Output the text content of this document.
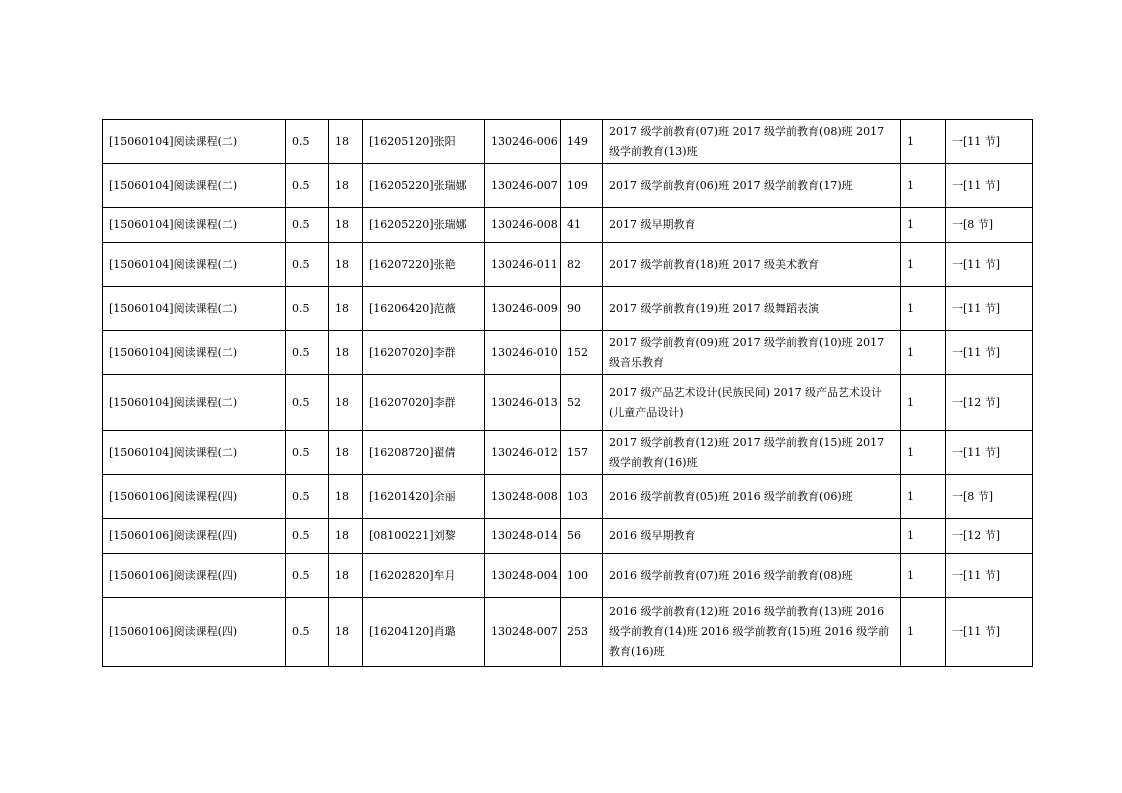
[15060104]阅读课程(二)	0.5	18	[16205120]张阳	130246-006	149	2017 级学前教育(07)班 2017 级学前教育(08)班 2017 级学前教育(13)班	1	一[11 节]
[15060104]阅读课程(二)	0.5	18	[16205220]张瑞娜	130246-007	109	2017 级学前教育(06)班 2017 级学前教育(17)班	1	一[11 节]
[15060104]阅读课程(二)	0.5	18	[16205220]张瑞娜	130246-008	41	2017 级早期教育	1	一[8 节]
[15060104]阅读课程(二)	0.5	18	[16207220]张艳	130246-011	82	2017 级学前教育(18)班 2017 级美术教育	1	一[11 节]
[15060104]阅读课程(二)	0.5	18	[16206420]范薇	130246-009	90	2017 级学前教育(19)班 2017 级舞蹈表演	1	一[11 节]
[15060104]阅读课程(二)	0.5	18	[16207020]李群	130246-010	152	2017 级学前教育(09)班 2017 级学前教育(10)班 2017 级音乐教育	1	一[11 节]
[15060104]阅读课程(二)	0.5	18	[16207020]李群	130246-013	52	2017 级产品艺术设计(民族民间) 2017 级产品艺术设计(儿童产品设计)	1	一[12 节]
[15060104]阅读课程(二)	0.5	18	[16208720]翟倩	130246-012	157	2017 级学前教育(12)班 2017 级学前教育(15)班 2017 级学前教育(16)班	1	一[11 节]
[15060106]阅读课程(四)	0.5	18	[16201420]余丽	130248-008	103	2016 级学前教育(05)班 2016 级学前教育(06)班	1	一[8 节]
[15060106]阅读课程(四)	0.5	18	[08100221]刘黎	130248-014	56	2016 级早期教育	1	一[12 节]
[15060106]阅读课程(四)	0.5	18	[16202820]牟月	130248-004	100	2016 级学前教育(07)班 2016 级学前教育(08)班	1	一[11 节]
[15060106]阅读课程(四)	0.5	18	[16204120]肖璐	130248-007	253	2016 级学前教育(12)班 2016 级学前教育(13)班 2016 级学前教育(14)班 2016 级学前教育(15)班 2016 级学前教育(16)班	1	一[11 节]
